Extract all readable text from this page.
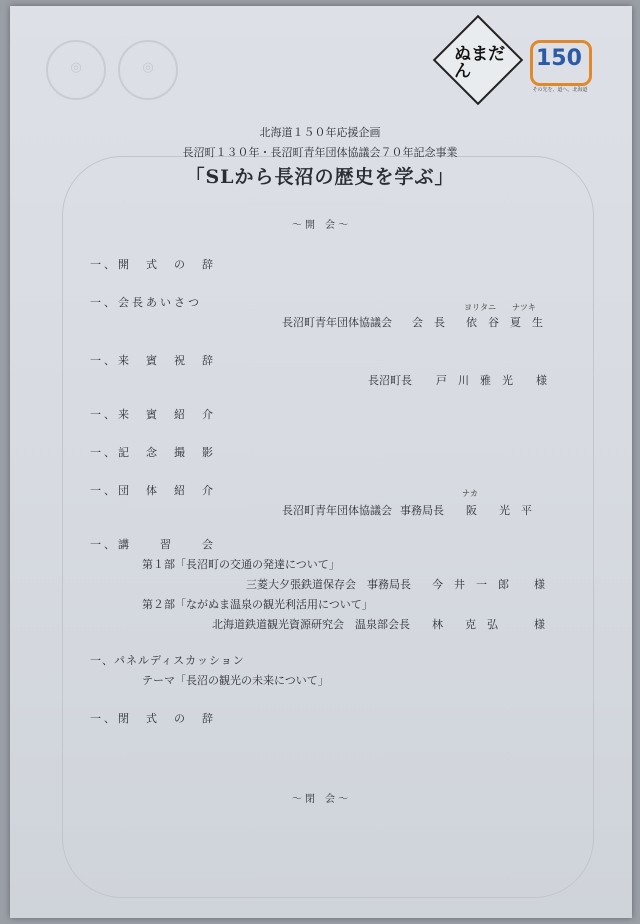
◎	◎
ぬまだん
150
その先を、道へ。北海道
北海道１５０年応援企画
長沼町１３０年・長沼町青年団体協議会７０年記念事業
「SLから長沼の歴史を学ぶ」
～ 開　会 ～
一、開　式　の　辞
一、会長あいさつ	ヨリタニ　　ナツキ
長沼町青年団体協議会 会　長 依　谷　夏　生
一、来　賓　祝　辞
長沼町長 戸　川　雅　光 様
一、来　賓　紹　介
一、記　念　撮　影
一、団　体　紹　介	ナカ
長沼町青年団体協議会 事務局長 阪　　光　平
一、講　　習　　会
第１部「長沼町の交通の発達について」
三菱大夕張鉄道保存会　事務局長 今　井　一　郎 様
第２部「ながぬま温泉の観光利活用について」
北海道鉄道観光資源研究会　温泉部会長 林　　克　弘	様
一、パネルディスカッション
テーマ「長沼の観光の未来について」
一、閉　式　の　辞
～ 閉　会 ～
